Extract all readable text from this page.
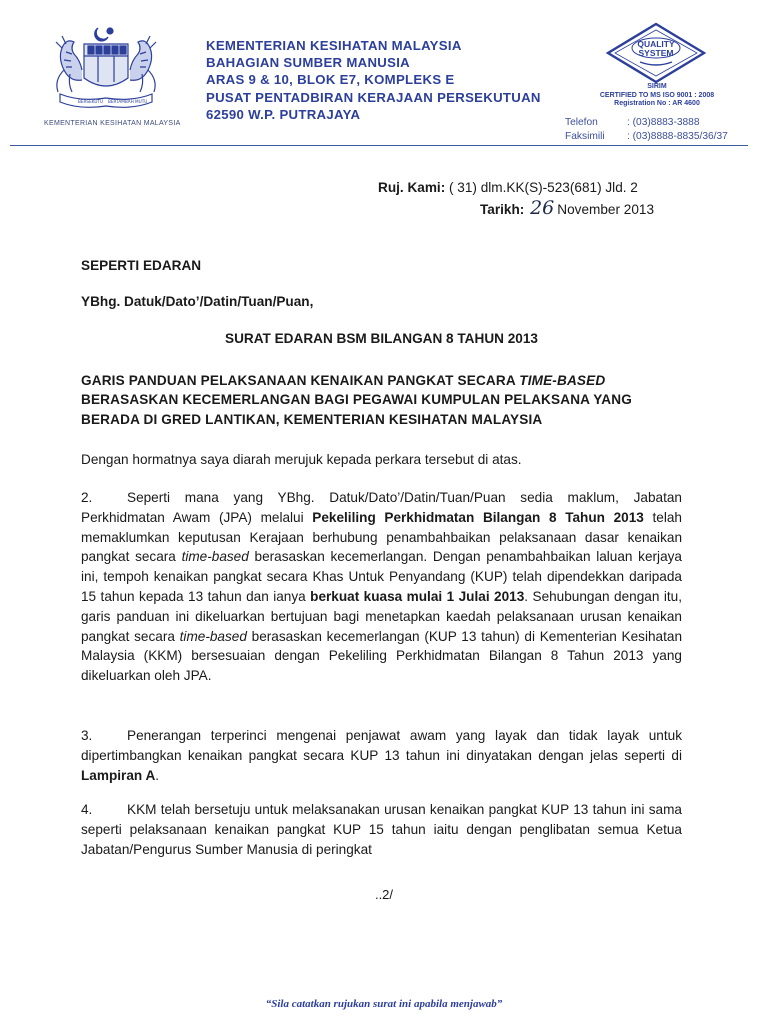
BERSEKUTU BERTAMBAH MUTU
KEMENTERIAN KESIHATAN MALAYSIA
KEMENTERIAN KESIHATAN MALAYSIA
BAHAGIAN SUMBER MANUSIA
ARAS 9 & 10, BLOK E7, KOMPLEKS E
PUSAT PENTADBIRAN KERAJAAN PERSEKUTUAN
62590 W.P. PUTRAJAYA
QUALITY
SYSTEM
SIRIM
CERTIFIED TO MS ISO 9001 : 2008
Registration No : AR 4600
Telefon	: (03)8883-3888
Faksimili	: (03)8888-8835/36/37
Ruj. Kami: ( 31) dlm.KK(S)-523(681) Jld. 2
Tarikh: 26 November 2013
SEPERTI EDARAN
YBhg. Datuk/Dato’/Datin/Tuan/Puan,
SURAT EDARAN BSM BILANGAN 8 TAHUN 2013
GARIS PANDUAN PELAKSANAAN KENAIKAN PANGKAT SECARA TIME-BASED BERASASKAN KECEMERLANGAN BAGI PEGAWAI KUMPULAN PELAKSANA YANG BERADA DI GRED LANTIKAN, KEMENTERIAN KESIHATAN MALAYSIA
Dengan hormatnya saya diarah merujuk kepada perkara tersebut di atas.
2.	Seperti mana yang YBhg. Datuk/Dato’/Datin/Tuan/Puan sedia maklum, Jabatan Perkhidmatan Awam (JPA) melalui Pekeliling Perkhidmatan Bilangan 8 Tahun 2013 telah memaklumkan keputusan Kerajaan berhubung penambahbaikan pelaksanaan dasar kenaikan pangkat secara time-based berasaskan kecemerlangan. Dengan penambahbaikan laluan kerjaya ini, tempoh kenaikan pangkat secara Khas Untuk Penyandang (KUP) telah dipendekkan daripada 15 tahun kepada 13 tahun dan ianya berkuat kuasa mulai 1 Julai 2013. Sehubungan dengan itu, garis panduan ini dikeluarkan bertujuan bagi menetapkan kaedah pelaksanaan urusan kenaikan pangkat secara time-based berasaskan kecemerlangan (KUP 13 tahun) di Kementerian Kesihatan Malaysia (KKM) bersesuaian dengan Pekeliling Perkhidmatan Bilangan 8 Tahun 2013 yang dikeluarkan oleh JPA.
3.	Penerangan terperinci mengenai penjawat awam yang layak dan tidak layak untuk dipertimbangkan kenaikan pangkat secara KUP 13 tahun ini dinyatakan dengan jelas seperti di Lampiran A.
4.	KKM telah bersetuju untuk melaksanakan urusan kenaikan pangkat KUP 13 tahun ini sama seperti pelaksanaan kenaikan pangkat KUP 15 tahun iaitu dengan penglibatan semua Ketua Jabatan/Pengurus Sumber Manusia di peringkat
..2/
“Sila catatkan rujukan surat ini apabila menjawab”
